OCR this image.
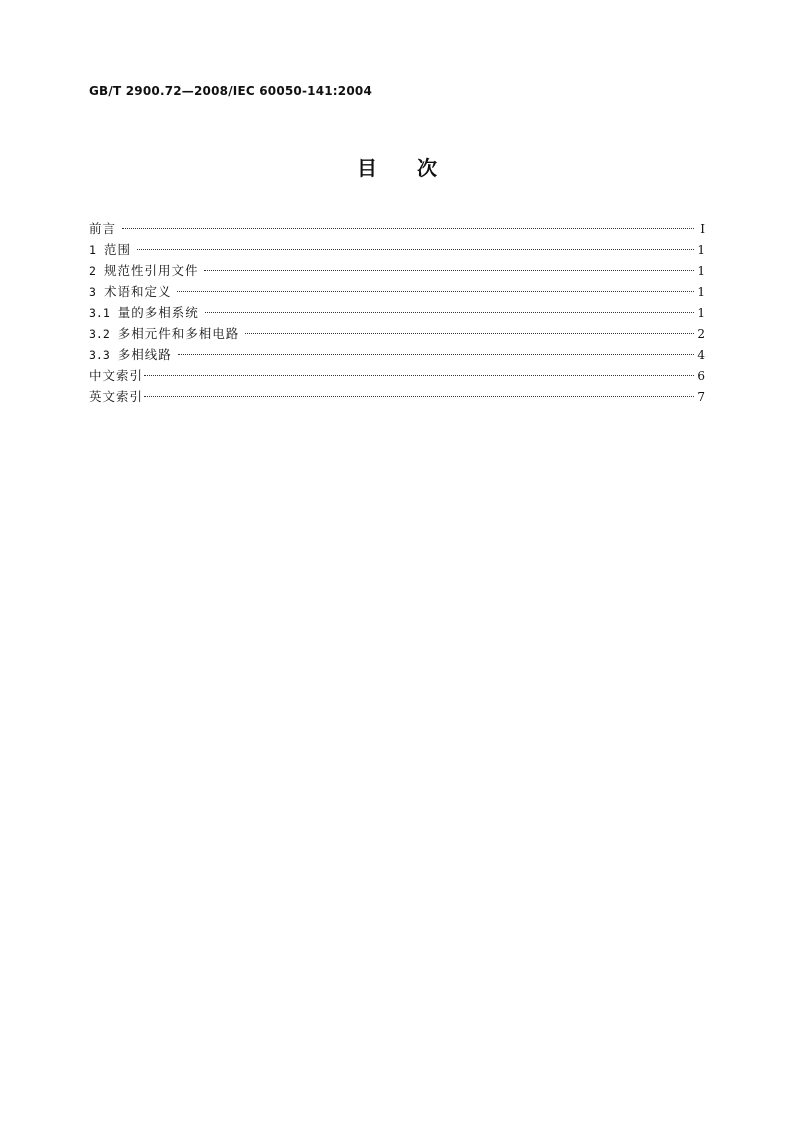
GB/T 2900.72—2008/IEC 60050-141:2004
目次
前言	Ⅰ
1 范围	1
2 规范性引用文件	1
3 术语和定义	1
3.1 量的多相系统	1
3.2 多相元件和多相电路	2
3.3 多相线路	4
中文索引	6
英文索引	7
